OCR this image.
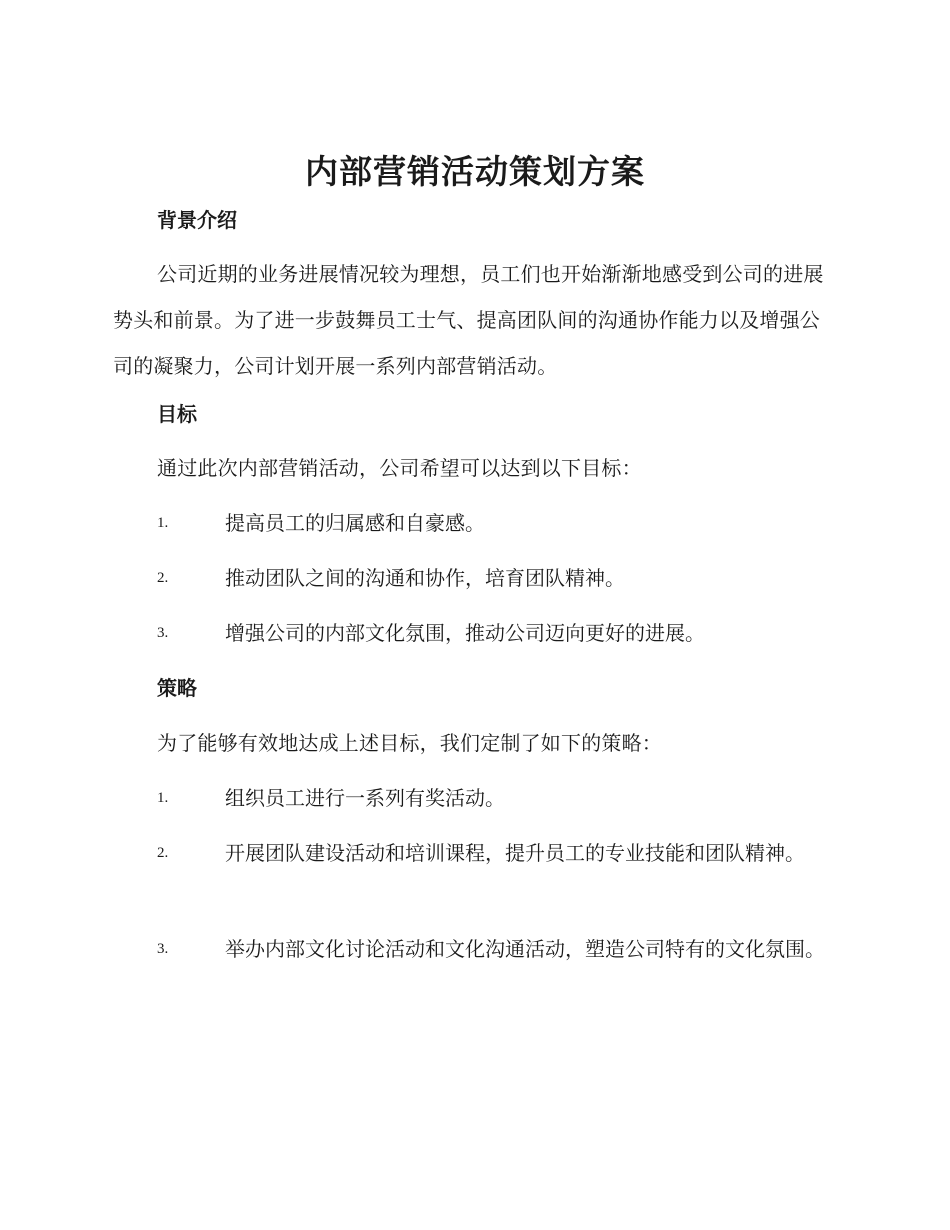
内部营销活动策划方案
背景介绍
公司近期的业务进展情况较为理想，员工们也开始渐渐地感受到公司的进展势头和前景。为了进一步鼓舞员工士气、提高团队间的沟通协作能力以及增强公司的凝聚力，公司计划开展一系列内部营销活动。
目标
通过此次内部营销活动，公司希望可以达到以下目标：
1.	提高员工的归属感和自豪感。
2.	推动团队之间的沟通和协作，培育团队精神。
3.	增强公司的内部文化氛围，推动公司迈向更好的进展。
策略
为了能够有效地达成上述目标，我们定制了如下的策略：
1.	组织员工进行一系列有奖活动。
2.	开展团队建设活动和培训课程，提升员工的专业技能和团队精神。
3.	举办内部文化讨论活动和文化沟通活动，塑造公司特有的文化氛围。
